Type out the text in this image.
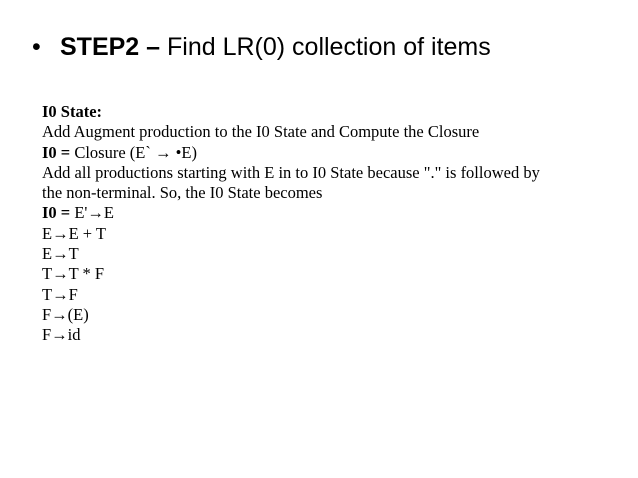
• STEP2 – Find LR(0) collection of items
I0 State:
Add Augment production to the I0 State and Compute the Closure
I0 = Closure (E` → •E)
Add all productions starting with E in to I0 State because "." is followed by
the non-terminal. So, the I0 State becomes
I0 = E'→E
E→E + T
E→T
T→T * F
T→F
F→(E)
F→id
